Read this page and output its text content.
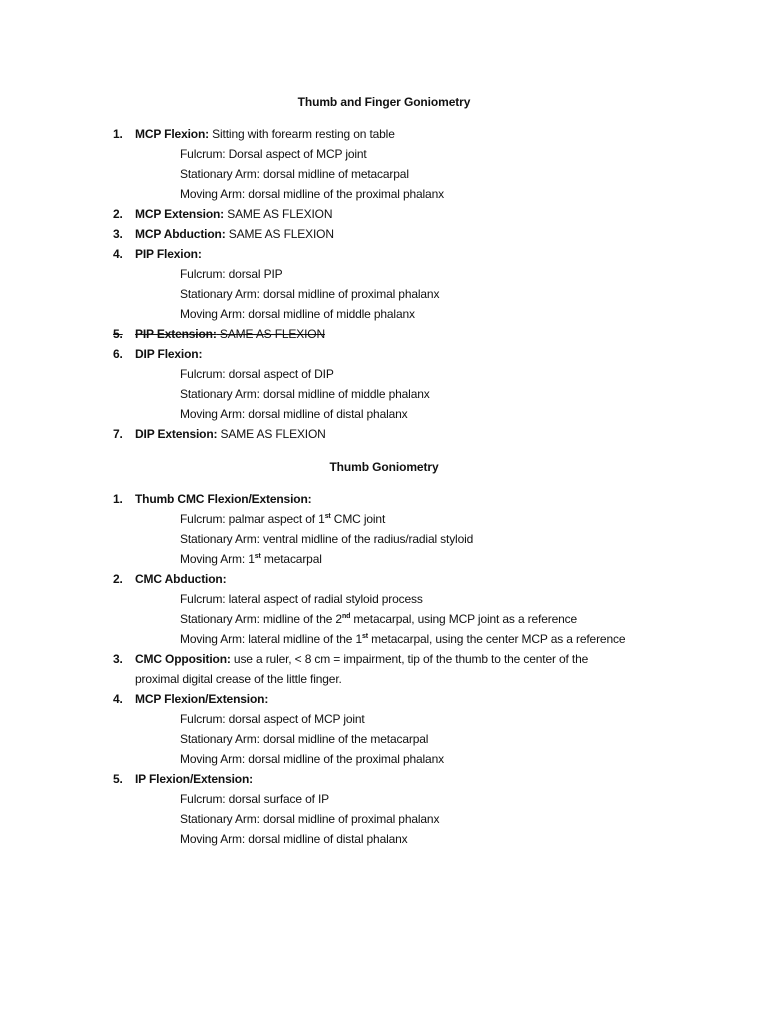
Thumb and Finger Goniometry
1.	MCP Flexion: Sitting with forearm resting on table
Fulcrum: Dorsal aspect of MCP joint
Stationary Arm: dorsal midline of metacarpal
Moving Arm: dorsal midline of the proximal phalanx
2.	MCP Extension: SAME AS FLEXION
3.	MCP Abduction: SAME AS FLEXION
4.	PIP Flexion:
Fulcrum: dorsal PIP
Stationary Arm: dorsal midline of proximal phalanx
Moving Arm: dorsal midline of middle phalanx
5.	PIP Extension: SAME AS FLEXION
6.	DIP Flexion:
Fulcrum: dorsal aspect of DIP
Stationary Arm: dorsal midline of middle phalanx
Moving Arm: dorsal midline of distal phalanx
7.	DIP Extension: SAME AS FLEXION
Thumb Goniometry
1.	Thumb CMC Flexion/Extension:
Fulcrum: palmar aspect of 1st CMC joint
Stationary Arm: ventral midline of the radius/radial styloid
Moving Arm: 1st metacarpal
2.	CMC Abduction:
Fulcrum: lateral aspect of radial styloid process
Stationary Arm: midline of the 2nd metacarpal, using MCP joint as a reference
Moving Arm: lateral midline of the 1st metacarpal, using the center MCP as a reference
3.	CMC Opposition: use a ruler, < 8 cm = impairment, tip of the thumb to the center of the
proximal digital crease of the little finger.
4.	MCP Flexion/Extension:
Fulcrum: dorsal aspect of MCP joint
Stationary Arm: dorsal midline of the metacarpal
Moving Arm: dorsal midline of the proximal phalanx
5.	IP Flexion/Extension:
Fulcrum: dorsal surface of IP
Stationary Arm: dorsal midline of proximal phalanx
Moving Arm: dorsal midline of distal phalanx
